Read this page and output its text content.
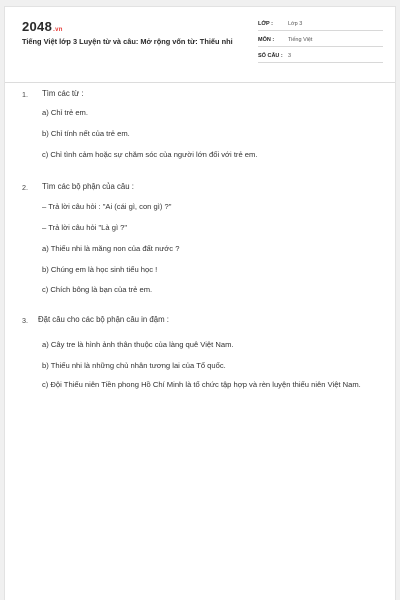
2048.vn
Tiếng Việt lớp 3 Luyện từ và câu: Mở rộng vốn từ: Thiếu nhi
LỚP :	Lớp 3
MÔN :	Tiếng Việt
SỐ CÂU : 3
1. Tìm các từ :
a) Chỉ trẻ em.
b) Chỉ tính nết của trẻ em.
c) Chỉ tình cảm hoặc sự chăm sóc của người lớn đối với trẻ em.
2. Tìm các bộ phận của câu :
– Trả lời câu hỏi : "Ai (cái gì, con gì) ?"
– Trả lời câu hỏi "Là gì ?"
a) Thiếu nhi là măng non của đất nước ?
b) Chúng em là học sinh tiểu học !
c) Chích bông là bạn của trẻ em.
3. Đặt câu cho các bộ phận câu in đậm :
a) Cây tre là hình ảnh thân thuộc của làng quê Việt Nam.
b) Thiếu nhi là những chủ nhân tương lai của Tổ quốc.
c) Đội Thiếu niên Tiền phong Hồ Chí Minh là tổ chức tập hợp và rèn luyện thiếu niên Việt Nam.
